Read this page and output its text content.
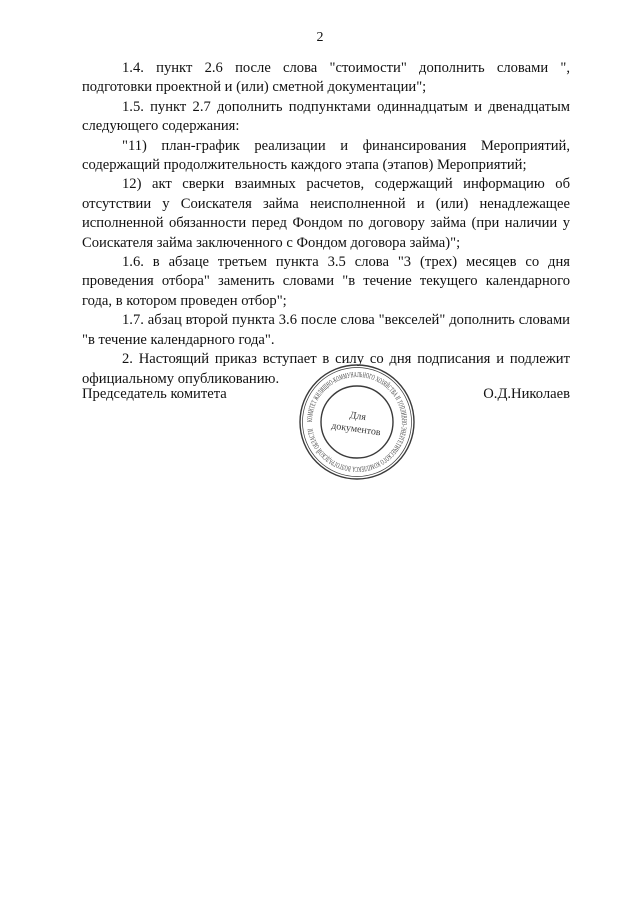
2

1.4. пункт 2.6 после слова "стоимости" дополнить словами ", подготовки проектной и (или) сметной документации";

1.5. пункт 2.7 дополнить подпунктами одиннадцатым и двенадцатым следующего содержания:

"11) план-график реализации и финансирования Мероприятий, содержащий продолжительность каждого этапа (этапов) Мероприятий;

12) акт сверки взаимных расчетов, содержащий информацию об отсутствии у Соискателя займа неисполненной и (или) ненадлежащее исполненной обязанности перед Фондом по договору займа (при наличии у Соискателя займа заключенного с Фондом договора займа)";

1.6. в абзаце третьем пункта 3.5 слова "3 (трех) месяцев со дня проведения отбора" заменить словами "в течение текущего календарного года, в котором проведен отбор";

1.7. абзац второй пункта 3.6 после слова "векселей" дополнить словами "в течение календарного года".

2. Настоящий приказ вступает в силу со дня подписания и подлежит официальному опубликованию.

Председатель комитета	О.Д.Николаев
КОМИТЕТ ЖИЛИЩНО-КОММУНАЛЬНОГО ХОЗЯЙСТВА И ТОПЛИВНО-ЭНЕРГЕТИЧЕСКОГО КОМПЛЕКСА ВОЛГОГРАДСКОЙ ОБЛАСТИ
Для
документов
